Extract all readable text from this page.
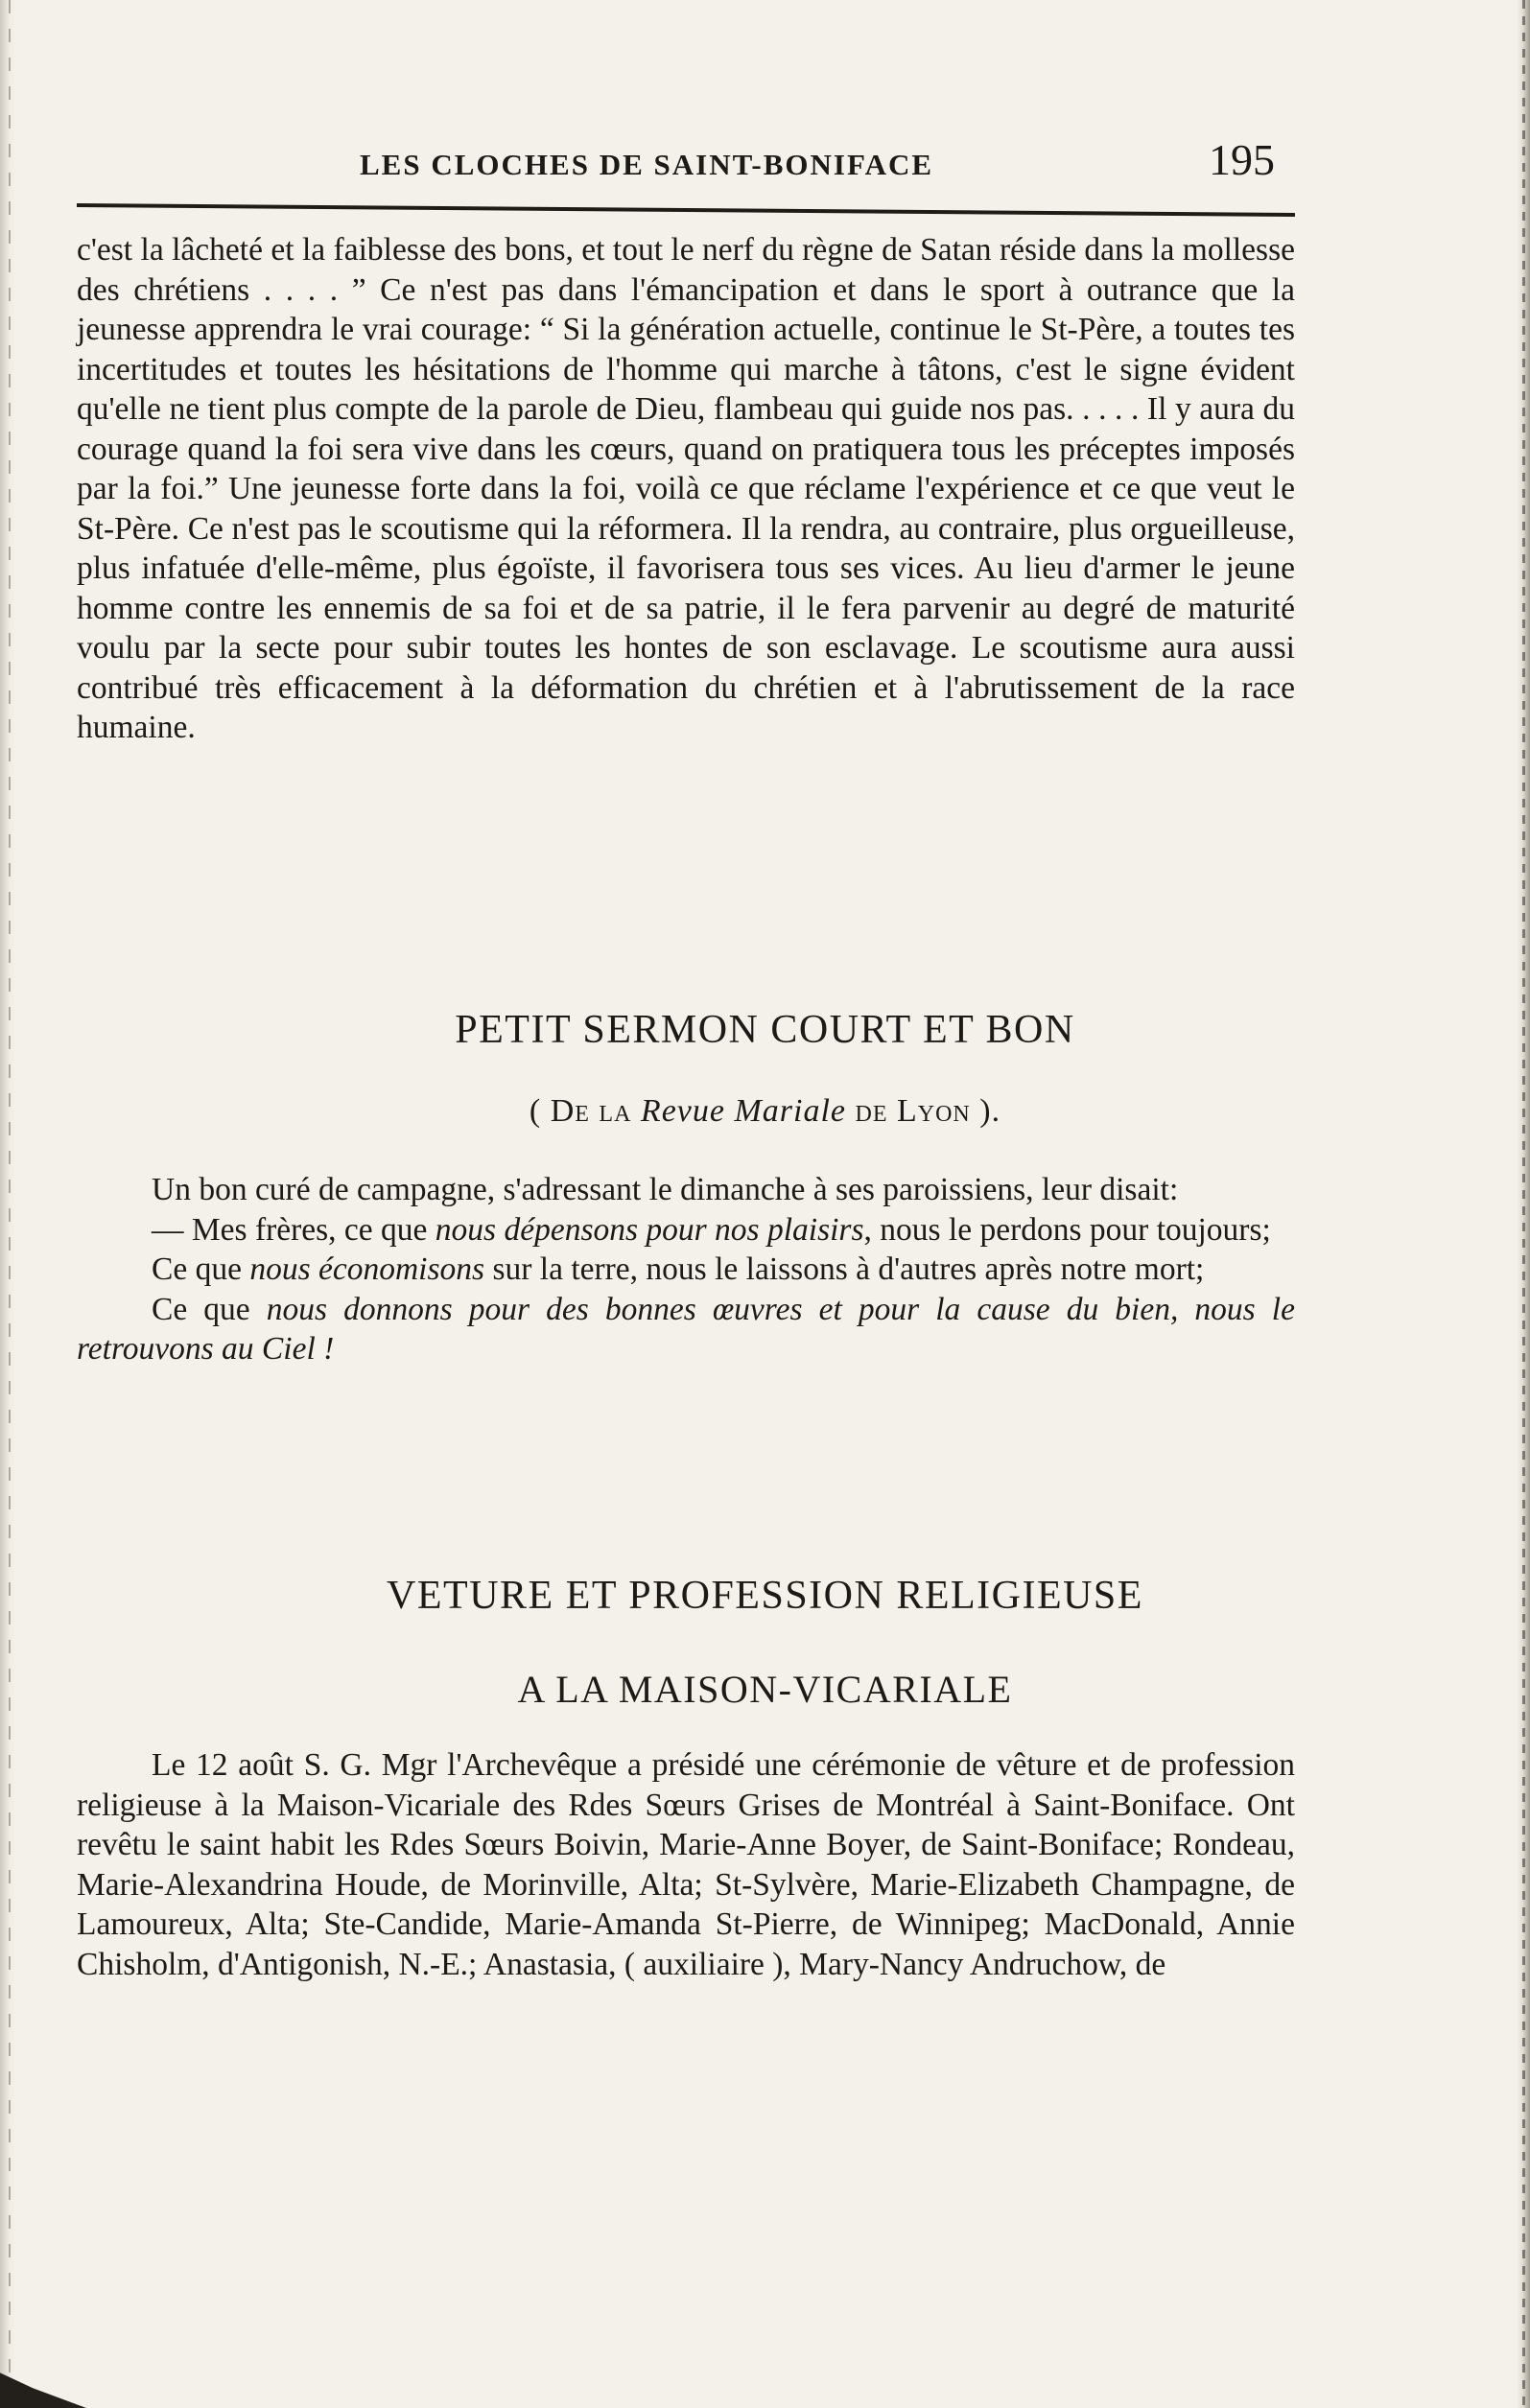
LES CLOCHES DE SAINT-BONIFACE	195

c'est la lâcheté et la faiblesse des bons, et tout le nerf du règne de Satan réside dans la mollesse des chrétiens . . . . ” Ce n'est pas dans l'émancipation et dans le sport à outrance que la jeunesse apprendra le vrai courage: “ Si la génération actuelle, continue le St-Père, a toutes tes incertitudes et toutes les hésitations de l'homme qui marche à tâtons, c'est le signe évident qu'elle ne tient plus compte de la parole de Dieu, flambeau qui guide nos pas. . . . . Il y aura du courage quand la foi sera vive dans les cœurs, quand on pratiquera tous les préceptes imposés par la foi.” Une jeunesse forte dans la foi, voilà ce que réclame l'expérience et ce que veut le St-Père. Ce n'est pas le scoutisme qui la réformera. Il la rendra, au contraire, plus orgueilleuse, plus infatuée d'elle-même, plus égoïste, il favorisera tous ses vices. Au lieu d'armer le jeune homme contre les ennemis de sa foi et de sa patrie, il le fera parvenir au degré de maturité voulu par la secte pour subir toutes les hontes de son esclavage. Le scoutisme aura aussi contribué très efficacement à la déformation du chrétien et à l'abrutissement de la race humaine.

PETIT SERMON COURT ET BON
( De la Revue Mariale de Lyon ).

Un bon curé de campagne, s'adressant le dimanche à ses paroissiens, leur disait:

— Mes frères, ce que nous dépensons pour nos plaisirs, nous le perdons pour toujours;

Ce que nous économisons sur la terre, nous le laissons à d'autres après notre mort;

Ce que nous donnons pour des bonnes œuvres et pour la cause du bien, nous le retrouvons au Ciel !

VETURE ET PROFESSION RELIGIEUSE
A LA MAISON-VICARIALE

Le 12 août S. G. Mgr l'Archevêque a présidé une cérémonie de vêture et de profession religieuse à la Maison-Vicariale des Rdes Sœurs Grises de Montréal à Saint-Boniface. Ont revêtu le saint habit les Rdes Sœurs Boivin, Marie-Anne Boyer, de Saint-Boniface; Rondeau, Marie-Alexandrina Houde, de Morinville, Alta; St-Sylvère, Marie-Elizabeth Champagne, de Lamoureux, Alta; Ste-Candide, Marie-Amanda St-Pierre, de Winnipeg; MacDonald, Annie Chisholm, d'Antigonish, N.-E.; Anastasia, ( auxiliaire ), Mary-Nancy Andruchow, de
